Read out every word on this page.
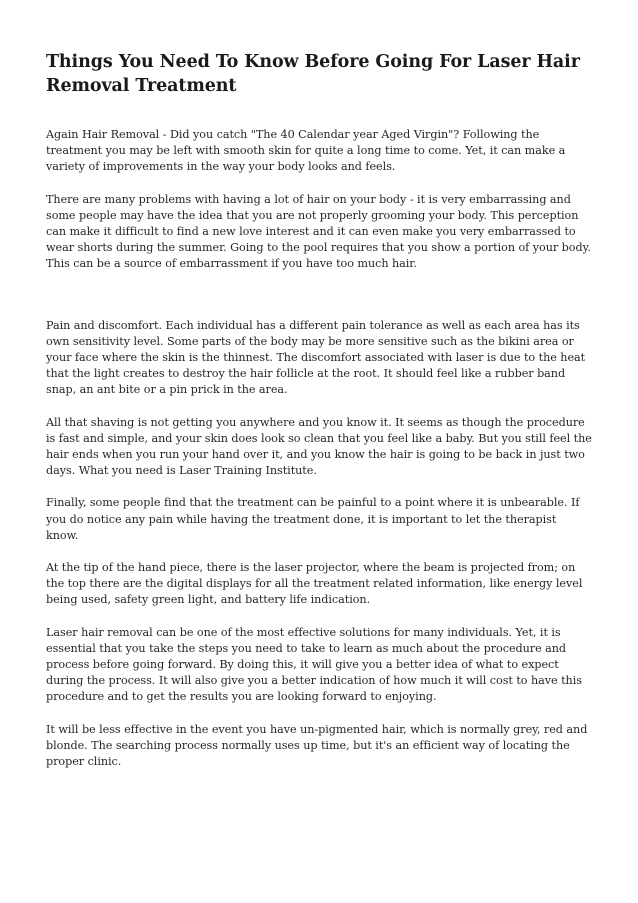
Things You Need To Know Before Going For Laser Hair Removal Treatment

Again Hair Removal - Did you catch "The 40 Calendar year Aged Virgin"? Following the treatment you may be left with smooth skin for quite a long time to come. Yet, it can make a variety of improvements in the way your body looks and feels.

There are many problems with having a lot of hair on your body - it is very embarrassing and some people may have the idea that you are not properly grooming your body. This perception can make it difficult to find a new love interest and it can even make you very embarrassed to wear shorts during the summer. Going to the pool requires that you show a portion of your body. This can be a source of embarrassment if you have too much hair.

Pain and discomfort. Each individual has a different pain tolerance as well as each area has its own sensitivity level. Some parts of the body may be more sensitive such as the bikini area or your face where the skin is the thinnest. The discomfort associated with laser is due to the heat that the light creates to destroy the hair follicle at the root. It should feel like a rubber band snap, an ant bite or a pin prick in the area.

All that shaving is not getting you anywhere and you know it. It seems as though the procedure is fast and simple, and your skin does look so clean that you feel like a baby. But you still feel the hair ends when you run your hand over it, and you know the hair is going to be back in just two days. What you need is Laser Training Institute.

Finally, some people find that the treatment can be painful to a point where it is unbearable. If you do notice any pain while having the treatment done, it is important to let the therapist know.

At the tip of the hand piece, there is the laser projector, where the beam is projected from; on the top there are the digital displays for all the treatment related information, like energy level being used, safety green light, and battery life indication.

Laser hair removal can be one of the most effective solutions for many individuals. Yet, it is essential that you take the steps you need to take to learn as much about the procedure and process before going forward. By doing this, it will give you a better idea of what to expect during the process. It will also give you a better indication of how much it will cost to have this procedure and to get the results you are looking forward to enjoying.

It will be less effective in the event you have un-pigmented hair, which is normally grey, red and blonde. The searching process normally uses up time, but it's an efficient way of locating the proper clinic.
